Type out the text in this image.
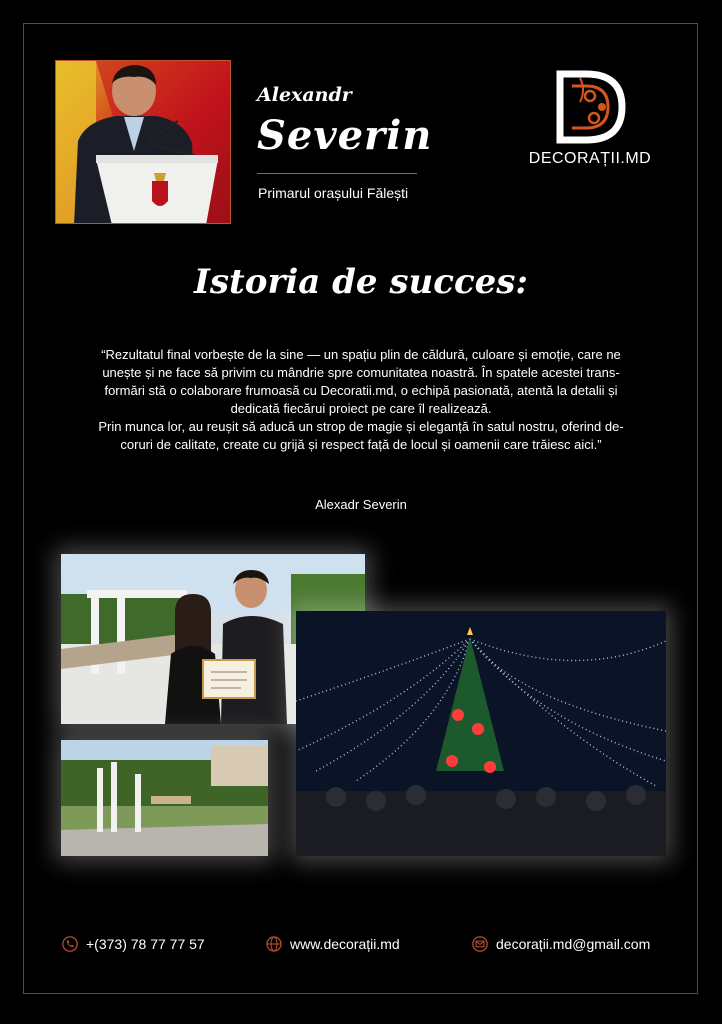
Alexandr
Severin
Primarul orașului Fălești
DECORAȚII.MD
Istoria de succes:
“Rezultatul final vorbește de la sine — un spațiu plin de căldură, culoare și emoție, care ne
unește și ne face să privim cu mândrie spre comunitatea noastră. În spatele acestei trans-
formări stă o colaborare frumoasă cu Decoratii.md, o echipă pasionată, atentă la detalii și
dedicată fiecărui proiect pe care îl realizează.
Prin munca lor, au reușit să aducă un strop de magie și eleganță în satul nostru, oferind de-
coruri de calitate, create cu grijă și respect față de locul și oamenii care trăiesc aici.”
Alexadr Severin
+(373) 78 77 77 57	www.decorații.md	decorații.md@gmail.com
